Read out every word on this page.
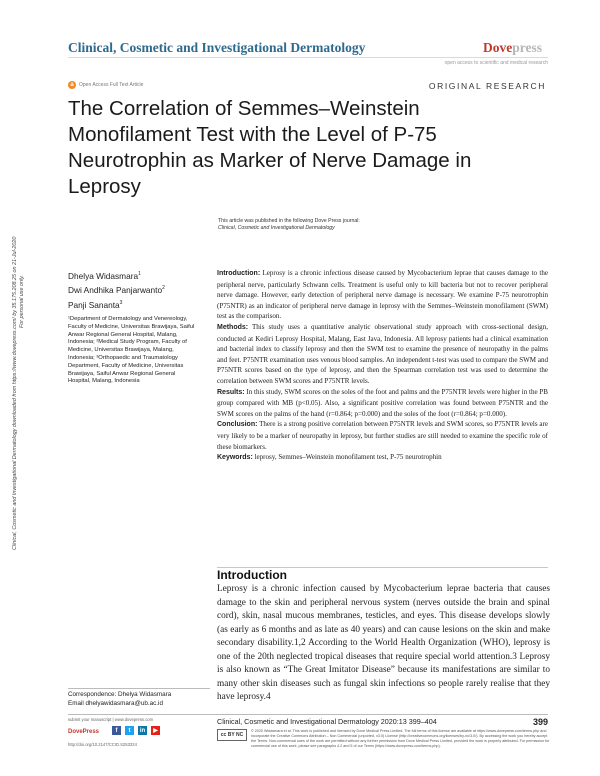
Clinical, Cosmetic and Investigational Dermatology	Dovepress
open access to scientific and medical research
a	Open Access Full Text Article	ORIGINAL RESEARCH
The Correlation of Semmes–Weinstein Monofilament Test with the Level of P-75 Neurotrophin as Marker of Nerve Damage in Leprosy
This article was published in the following Dove Press journal:
Clinical, Cosmetic and Investigational Dermatology
Clinical, Cosmetic and Investigational Dermatology downloaded from https://www.dovepress.com/ by 35.175.208.25 on 21-Jul-2020 For personal use only.	Dhelya Widasmara$^1$
Dwi Andhika Panjarwanto$^2$
Panji Sananta$^3$
¹Department of Dermatology and Venereology, Faculty of Medicine, Universitas Brawijaya, Saiful Anwar Regional General Hospital, Malang, Indonesia; ²Medical Study Program, Faculty of Medicine, Universitas Brawijaya, Malang, Indonesia; ³Orthopaedic and Traumatology Department, Faculty of Medicine, Universitas Brawijaya, Saiful Anwar Regional General Hospital, Malang, Indonesia

Introduction: Leprosy is a chronic infectious disease caused by Mycobacterium leprae that causes damage to the peripheral nerve, particularly Schwann cells. Treatment is useful only to kill bacteria but not to recover peripheral nerve damage. However, early detection of peripheral nerve damage is necessary. We examine P-75 neurotrophin (P75NTR) as an indicator of peripheral nerve damage in leprosy with the Semmes–Weinstein monofilament (SWM) test as the comparison.

Methods: This study uses a quantitative analytic observational study approach with cross-sectional design, conducted at Kediri Leprosy Hospital, Malang, East Java, Indonesia. All leprosy patients had a clinical examination and bacterial index to classify leprosy and then the SWM test to examine the presence of neuropathy in the palms and feet. P75NTR examination uses venous blood samples. An independent t-test was used to compare the SWM and P75NTR scores based on the type of leprosy, and then the Spearman correlation test was used to determine the correlation between SWM scores and P75NTR levels.

Results: In this study, SWM scores on the soles of the foot and palms and the P75NTR levels were higher in the PB group compared with MB (p<0.05). Also, a significant positive correlation was found between P75NTR and the SWM scores on the palms of the hand (r=0.864; p=0.000) and the soles of the foot (r=0.864; p=0.000).

Conclusion: There is a strong positive correlation between P75NTR levels and SWM scores, so P75NTR levels are very likely to be a marker of neuropathy in leprosy, but further studies are still needed to examine the specific role of these biomarkers.

Keywords: leprosy, Semmes–Weinstein monofilament test, P-75 neurotrophin

Introduction

Leprosy is a chronic infection caused by Mycobacterium leprae bacteria that causes damage to the skin and peripheral nervous system (nerves outside the brain and spinal cord), skin, nasal mucous membranes, testicles, and eyes. This disease develops slowly (as early as 6 months and as late as 40 years) and can cause lesions on the skin and make secondary disability.1,2 According to the World Health Organization (WHO), leprosy is one of the 20th neglected tropical diseases that require special world attention.3 Leprosy is also known as “The Great Imitator Disease” because its manifestations are similar to many other skin diseases such as fungal skin infections so people rarely realise that they have leprosy.4

Correspondence: Dhelya Widasmara
Email dhelyawidasmara@ub.ac.id
submit your manuscript | www.dovepress.com
DovePress	f	t	in	▶
http://doi.org/10.2147/CCID.S253324
Clinical, Cosmetic and Investigational Dermatology 2020:13 399–404	399
cc BY NC
© 2020 Widasmara et al. This work is published and licensed by Dove Medical Press Limited. The full terms of this license are available at https://www.dovepress.com/terms.php and incorporate the Creative Commons Attribution – Non Commercial (unported, v3.0) License (http://creativecommons.org/licenses/by-nc/3.0/). By accessing the work you hereby accept the Terms. Non-commercial uses of the work are permitted without any further permission from Dove Medical Press Limited, provided the work is properly attributed. For permission for commercial use of this work, please see paragraphs 4.2 and 5 of our Terms (https://www.dovepress.com/terms.php).
